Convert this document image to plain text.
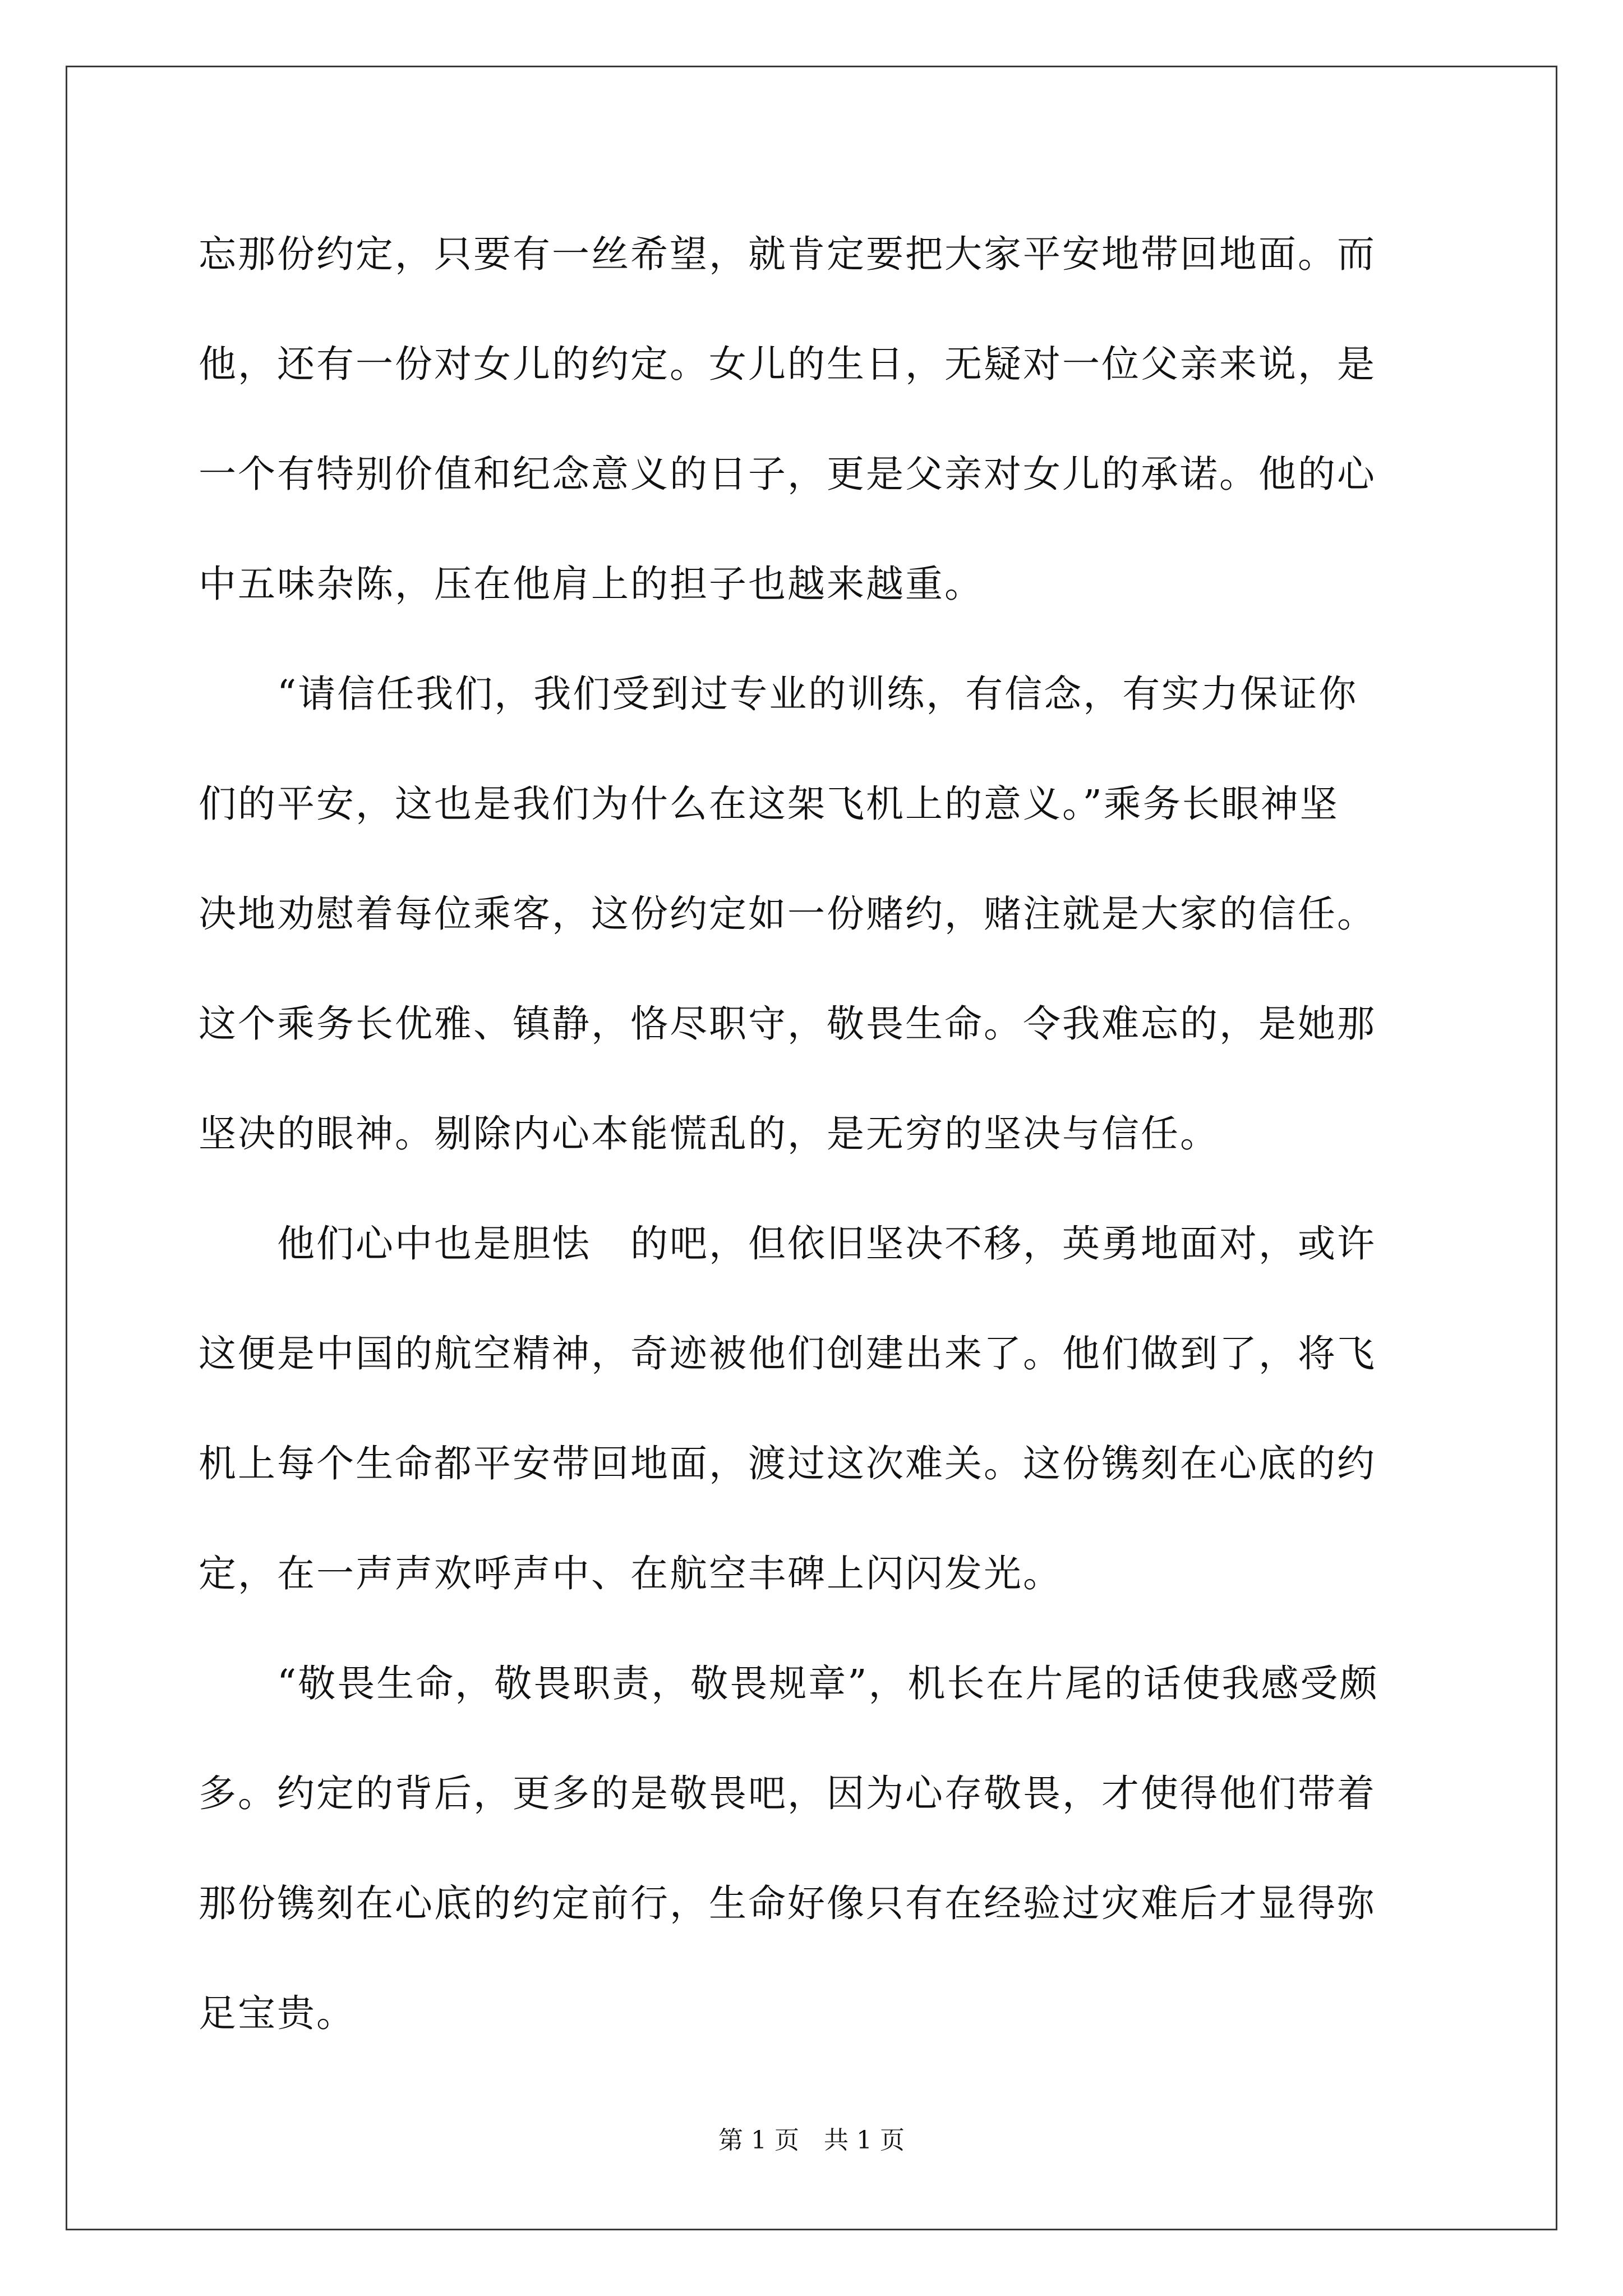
忘那份约定，只要有一丝希望，就肯定要把大家平安地带回地面。而
他，还有一份对女儿的约定。女儿的生日，无疑对一位父亲来说，是
一个有特别价值和纪念意义的日子，更是父亲对女儿的承诺。他的心
中五味杂陈，压在他肩上的担子也越来越重。
“请信任我们，我们受到过专业的训练，有信念，有实力保证你
们的平安，这也是我们为什么在这架飞机上的意义。”乘务长眼神坚
决地劝慰着每位乘客，这份约定如一份赌约，赌注就是大家的信任。
这个乘务长优雅、镇静，恪尽职守，敬畏生命。令我难忘的，是她那
坚决的眼神。剔除内心本能慌乱的，是无穷的坚决与信任。
他们心中也是胆怯　的吧，但依旧坚决不移，英勇地面对，或许
这便是中国的航空精神，奇迹被他们创建出来了。他们做到了，将飞
机上每个生命都平安带回地面，渡过这次难关。这份镌刻在心底的约
定，在一声声欢呼声中、在航空丰碑上闪闪发光。
“敬畏生命，敬畏职责，敬畏规章”，机长在片尾的话使我感受颇
多。约定的背后，更多的是敬畏吧，因为心存敬畏，才使得他们带着
那份镌刻在心底的约定前行，生命好像只有在经验过灾难后才显得弥
足宝贵。
第 1 页　共 1 页
